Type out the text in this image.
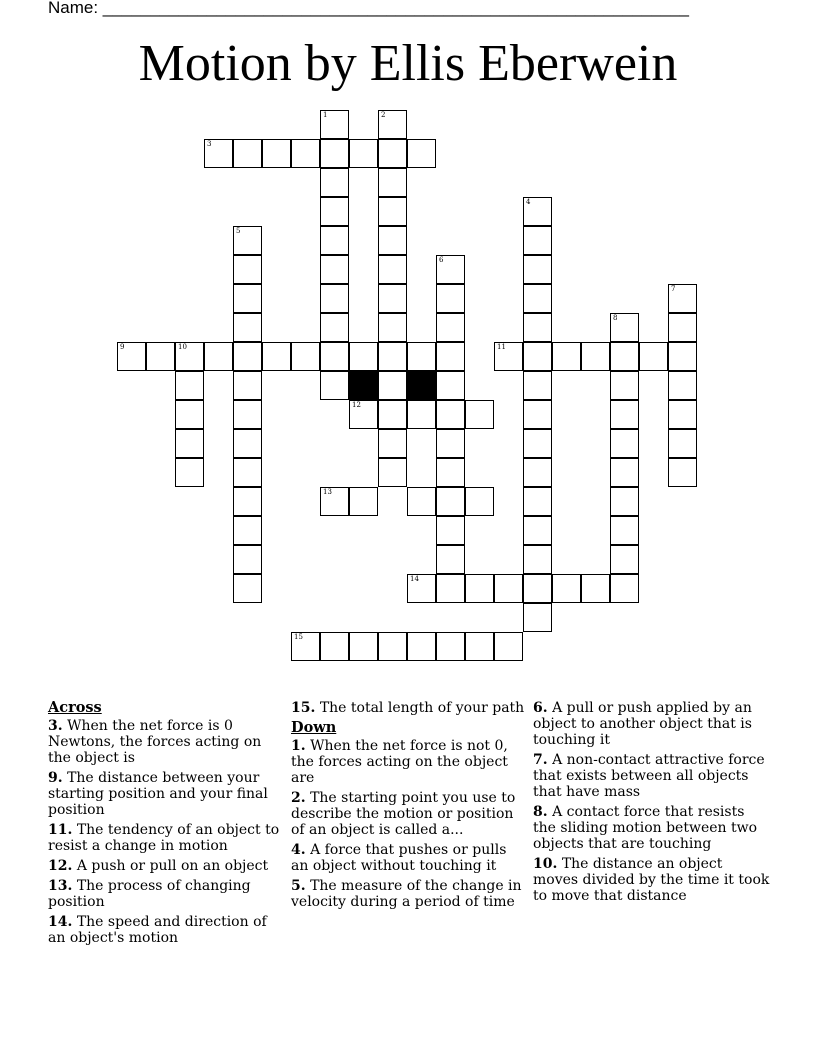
Name: ______________________________________________________________
Motion by Ellis Eberwein
1	2
3
4
5
6
7
8
9	10	11
12
13
14
15
Across
3. When the net force is 0 Newtons, the forces acting on the object is
9. The distance between your starting position and your final position
11. The tendency of an object to resist a change in motion
12. A push or pull on an object
13. The process of changing position
14. The speed and direction of an object's motion
15. The total length of your path
Down
1. When the net force is not 0, the forces acting on the object are
2. The starting point you use to describe the motion or position of an object is called a...
4. A force that pushes or pulls an object without touching it
5. The measure of the change in velocity during a period of time
6. A pull or push applied by an object to another object that is touching it
7. A non-contact attractive force that exists between all objects that have mass
8. A contact force that resists the sliding motion between two objects that are touching
10. The distance an object moves divided by the time it took to move that distance
